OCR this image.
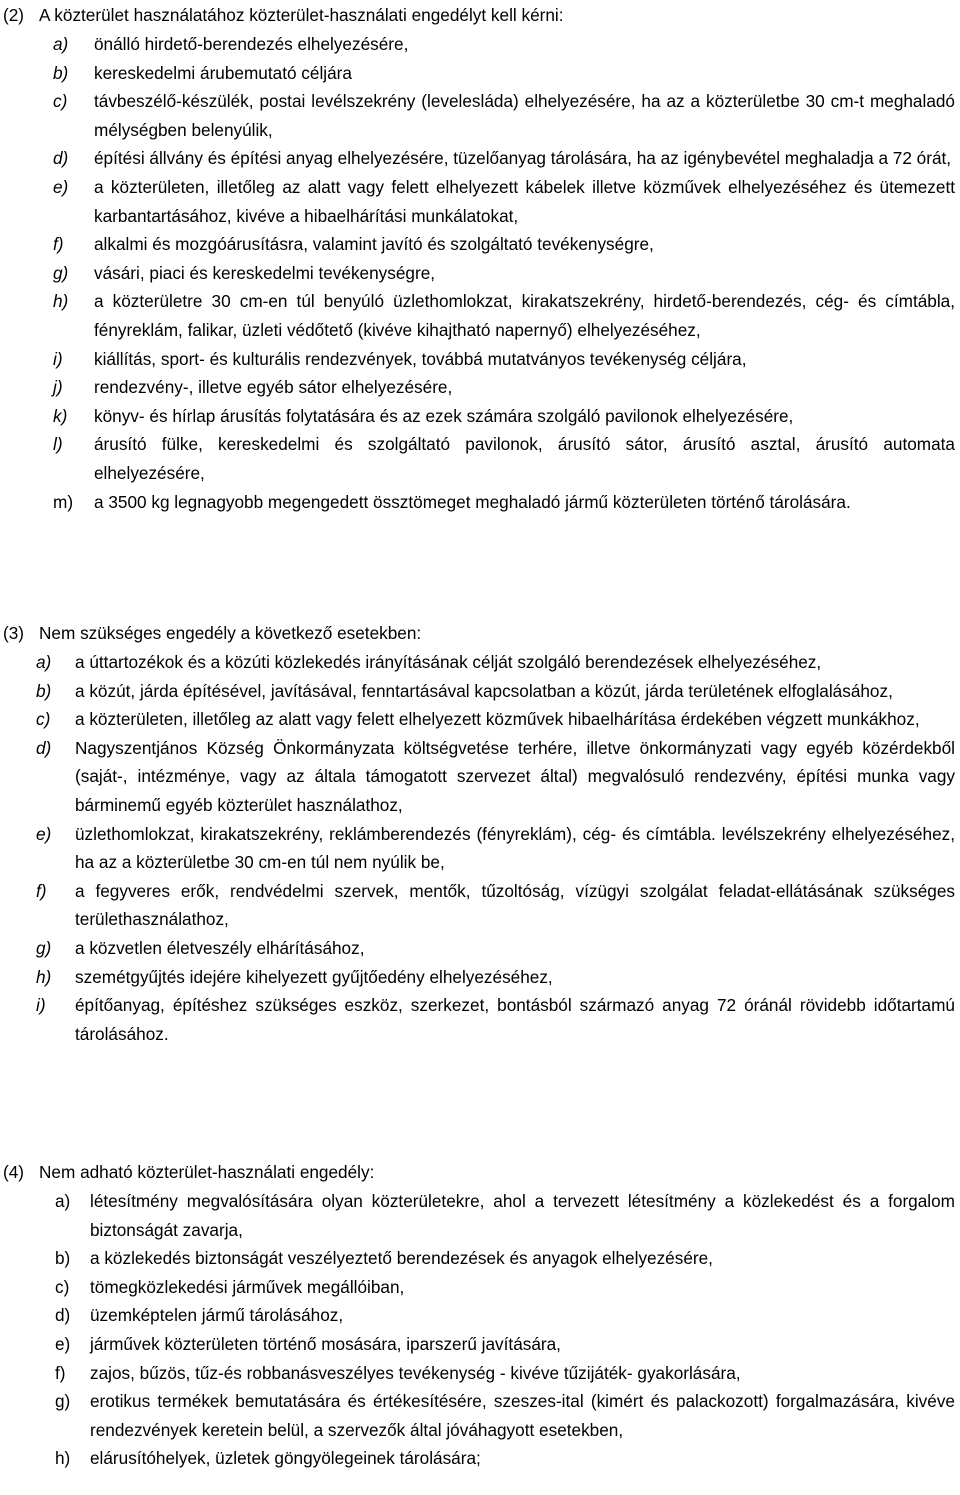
(2) A közterület használatához közterület-használati engedélyt kell kérni:
a)	önálló hirdető-berendezés elhelyezésére,
b)	kereskedelmi árubemutató céljára
c)	távbeszélő-készülék, postai levélszekrény (levelesláda) elhelyezésére, ha az a közterületbe 30 cm-t meghaladó mélységben belenyúlik,
d)	építési állvány és építési anyag elhelyezésére, tüzelőanyag tárolására, ha az igénybevétel meghaladja a 72 órát,
e)	a közterületen, illetőleg az alatt vagy felett elhelyezett kábelek illetve közművek elhelyezéséhez és ütemezett karbantartásához, kivéve a hibaelhárítási munkálatokat,
f)	alkalmi és mozgóárusításra, valamint javító és szolgáltató tevékenységre,
g)	vásári, piaci és kereskedelmi tevékenységre,
h)	a közterületre 30 cm-en túl benyúló üzlethomlokzat, kirakatszekrény, hirdető-berendezés, cég- és címtábla, fényreklám, falikar, üzleti védőtető (kivéve kihajtható napernyő) elhelyezéséhez,
i)	kiállítás, sport- és kulturális rendezvények, továbbá mutatványos tevékenység céljára,
j)	rendezvény-, illetve egyéb sátor elhelyezésére,
k)	könyv- és hírlap árusítás folytatására és az ezek számára szolgáló pavilonok elhelyezésére,
l)	árusító fülke, kereskedelmi és szolgáltató pavilonok, árusító sátor, árusító asztal, árusító automata elhelyezésére,
m)	a 3500 kg legnagyobb megengedett össztömeget meghaladó jármű közterületen történő tárolására.
(3) Nem szükséges engedély a következő esetekben:
a)	a úttartozékok és a közúti közlekedés irányításának célját szolgáló berendezések elhelyezéséhez,
b)	a közút, járda építésével, javításával, fenntartásával kapcsolatban a közút, járda területének elfoglalásához,
c)	a közterületen, illetőleg az alatt vagy felett elhelyezett közművek hibaelhárítása érdekében végzett munkákhoz,
d)	Nagyszentjános Község Önkormányzata költségvetése terhére, illetve önkormányzati vagy egyéb közérdekből (saját-, intézménye, vagy az általa támogatott szervezet által) megvalósuló rendezvény, építési munka vagy bárminemű egyéb közterület használathoz,
e)	üzlethomlokzat, kirakatszekrény, reklámberendezés (fényreklám), cég- és címtábla. levélszekrény elhelyezéséhez, ha az a közterületbe 30 cm-en túl nem nyúlik be,
f)	a fegyveres erők, rendvédelmi szervek, mentők, tűzoltóság, vízügyi szolgálat feladat-ellátásának szükséges területhasználathoz,
g)	a közvetlen életveszély elhárításához,
h)	szemétgyűjtés idejére kihelyezett gyűjtőedény elhelyezéséhez,
i)	építőanyag, építéshez szükséges eszköz, szerkezet, bontásból származó anyag 72 óránál rövidebb időtartamú tárolásához.
(4) Nem adható közterület-használati engedély:
a)	létesítmény megvalósítására olyan közterületekre, ahol a tervezett létesítmény a közlekedést és a forgalom biztonságát zavarja,
b)	a közlekedés biztonságát veszélyeztető berendezések és anyagok elhelyezésére,
c)	tömegközlekedési járművek megállóiban,
d)	üzemképtelen jármű tárolásához,
e)	járművek közterületen történő mosására, iparszerű javítására,
f)	zajos, bűzös, tűz-és robbanásveszélyes tevékenység - kivéve tűzijáték- gyakorlására,
g)	erotikus termékek bemutatására és értékesítésére, szeszes-ital (kimért és palackozott) forgalmazására, kivéve rendezvények keretein belül, a szervezők által jóváhagyott esetekben,
h)	elárusítóhelyek, üzletek göngyölegeinek tárolására;
